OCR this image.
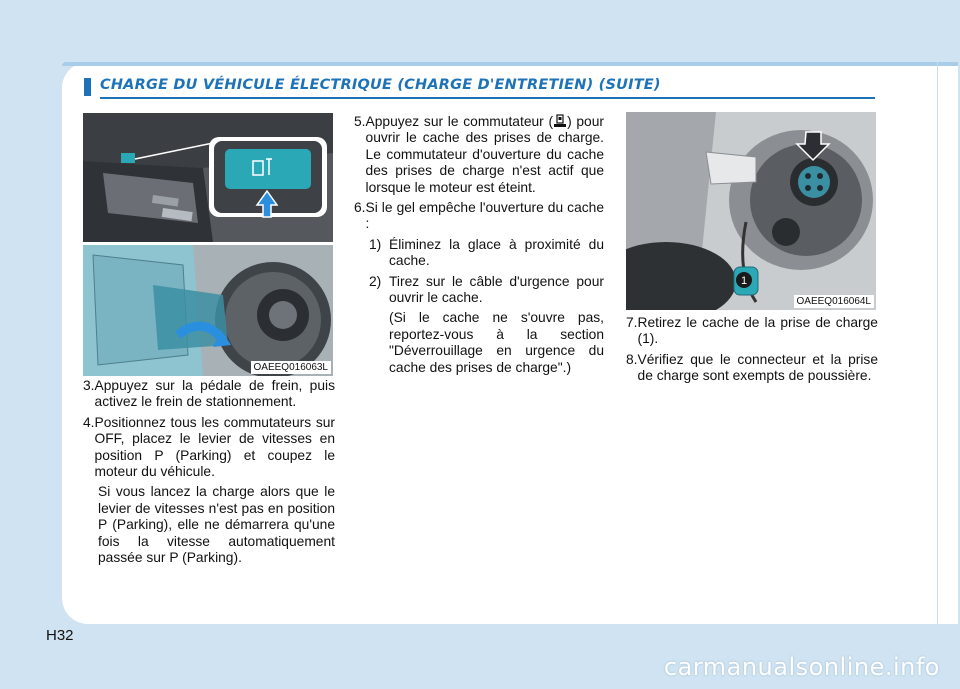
CHARGE DU VÉHICULE ÉLECTRIQUE (CHARGE D'ENTRETIEN) (SUITE)
OAEEQ016063L
1
OAEEQ016064L
3. Appuyez sur la pédale de frein, puis activez le frein de stationnement.
4. Positionnez tous les commutateurs sur OFF, placez le levier de vitesses en position P (Parking) et coupez le moteur du véhicule.
Si vous lancez la charge alors que le levier de vitesses n'est pas en position P (Parking), elle ne démarrera qu'une fois la vitesse automatiquement passée sur P (Parking).
5. Appuyez sur le commutateur ( ) pour ouvrir le cache des prises de charge. Le commutateur d'ouverture du cache des prises de charge n'est actif que lorsque le moteur est éteint.
6. Si le gel empêche l'ouverture du cache :
1) Éliminez la glace à proximité du cache.
2) Tirez sur le câble d'urgence pour ouvrir le cache.
(Si le cache ne s'ouvre pas, reportez-vous à la section "Déverrouillage en urgence du cache des prises de charge".)
7. Retirez le cache de la prise de charge (1).
8. Vérifiez que le connecteur et la prise de charge sont exempts de poussière.
H32
carmanualsonline.info
